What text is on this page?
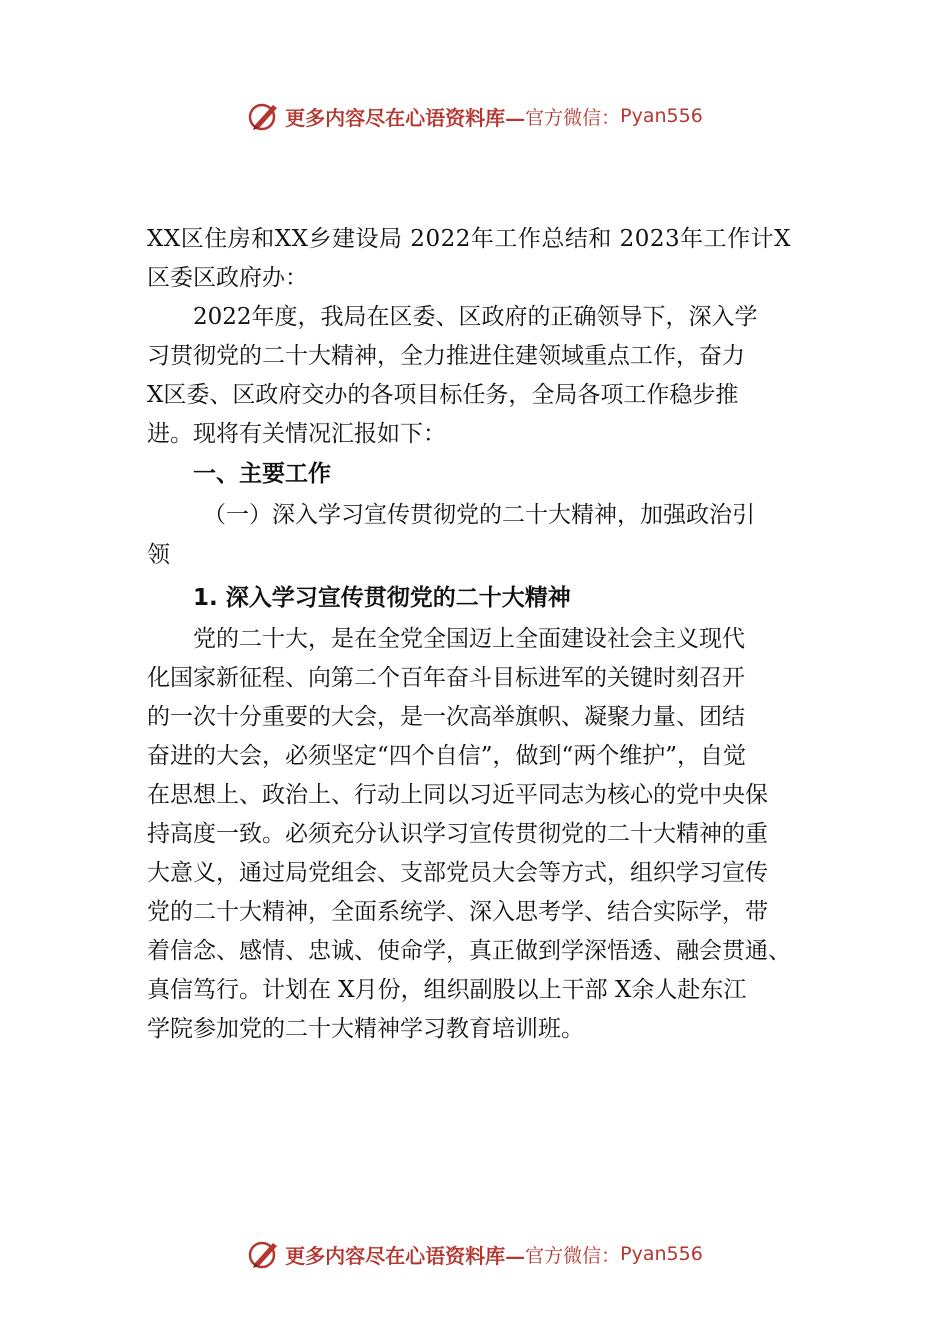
更多内容尽在心语资料库— 官方微信： Pyan556
XX区住房和XX乡建设局 2022年工作总结和 2023年工作计X
区委区政府办：
2022年度，我局在区委、区政府的正确领导下，深入学
习贯彻党的二十大精神，全力推进住建领域重点工作，奋力
X区委、区政府交办的各项目标任务，全局各项工作稳步推
进。现将有关情况汇报如下：
一、主要工作
（一）深入学习宣传贯彻党的二十大精神，加强政治引
领
1. 深入学习宣传贯彻党的二十大精神
党的二十大，是在全党全国迈上全面建设社会主义现代
化国家新征程、向第二个百年奋斗目标进军的关键时刻召开
的一次十分重要的大会，是一次高举旗帜、凝聚力量、团结
奋进的大会，必须坚定“四个自信”，做到“两个维护”，自觉
在思想上、政治上、行动上同以习近平同志为核心的党中央保
持高度一致。必须充分认识学习宣传贯彻党的二十大精神的重
大意义，通过局党组会、支部党员大会等方式，组织学习宣传
党的二十大精神，全面系统学、深入思考学、结合实际学，带
着信念、感情、忠诚、使命学，真正做到学深悟透、融会贯通、
真信笃行。计划在 X月份，组织副股以上干部 X余人赴东江
学院参加党的二十大精神学习教育培训班。
更多内容尽在心语资料库— 官方微信： Pyan556
